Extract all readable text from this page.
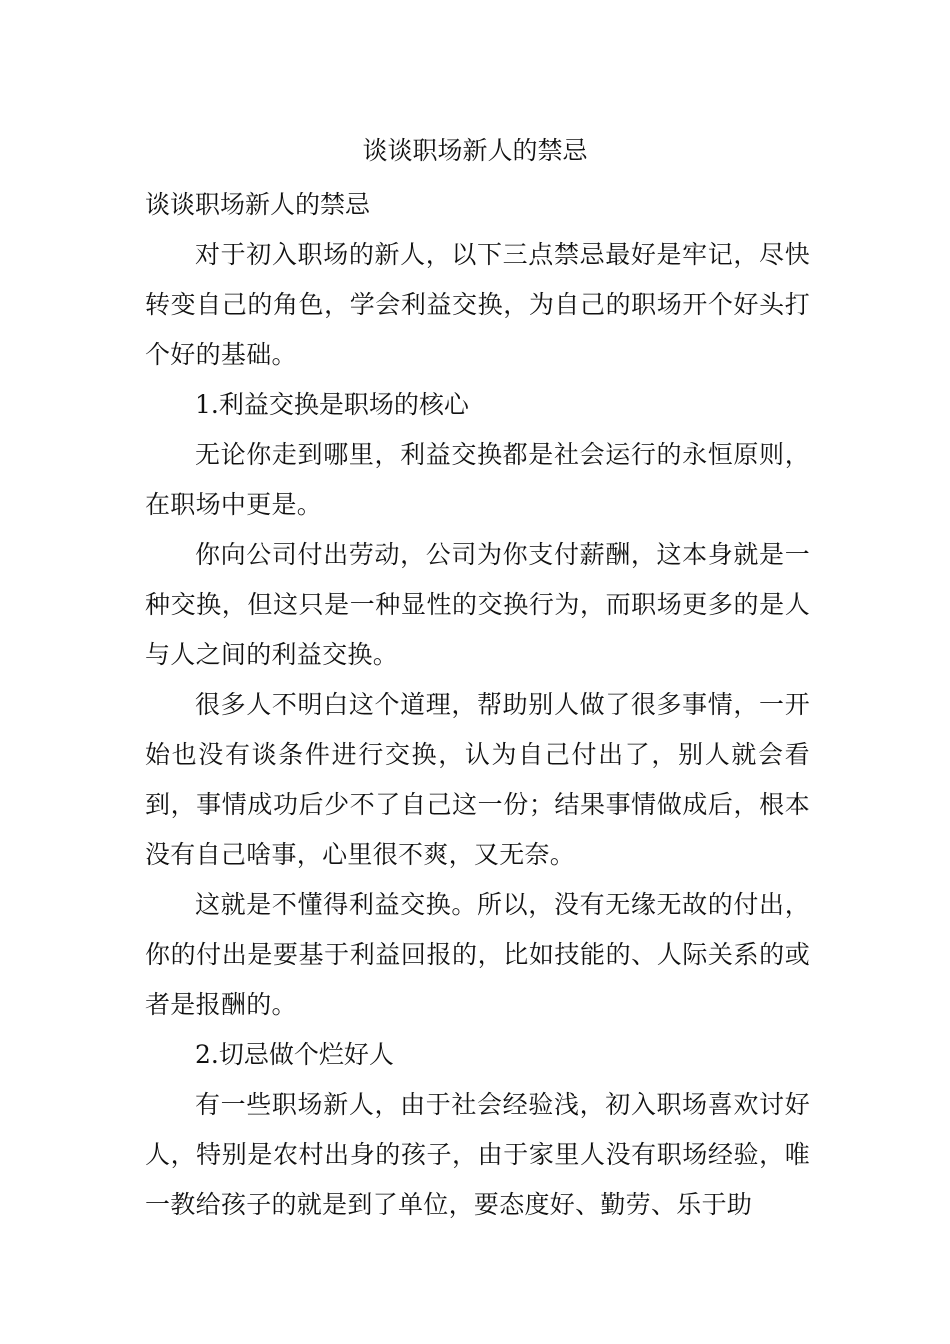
谈谈职场新人的禁忌

谈谈职场新人的禁忌

对于初入职场的新人，以下三点禁忌最好是牢记，尽快转变自己的角色，学会利益交换，为自己的职场开个好头打个好的基础。

1.利益交换是职场的核心

无论你走到哪里，利益交换都是社会运行的永恒原则，在职场中更是。

你向公司付出劳动，公司为你支付薪酬，这本身就是一种交换，但这只是一种显性的交换行为，而职场更多的是人与人之间的利益交换。

很多人不明白这个道理，帮助别人做了很多事情，一开始也没有谈条件进行交换，认为自己付出了，别人就会看到，事情成功后少不了自己这一份；结果事情做成后，根本没有自己啥事，心里很不爽，又无奈。

这就是不懂得利益交换。所以，没有无缘无故的付出，你的付出是要基于利益回报的，比如技能的、人际关系的或者是报酬的。

2.切忌做个烂好人

有一些职场新人，由于社会经验浅，初入职场喜欢讨好人，特别是农村出身的孩子，由于家里人没有职场经验，唯一教给孩子的就是到了单位，要态度好、勤劳、乐于助
